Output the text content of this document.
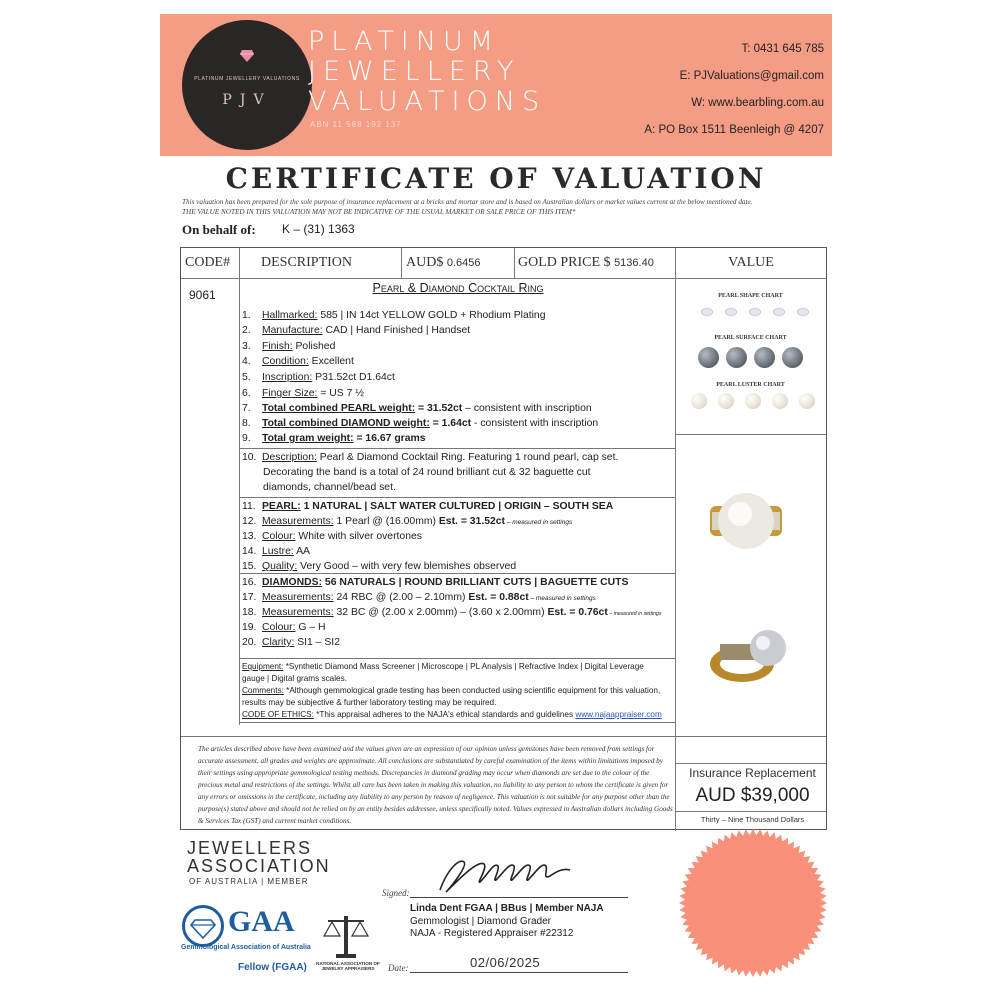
PLATINUM JEWELLERY VALUATIONS
PJV
PLATINUM
JEWELLERY
VALUATIONS
ABN 11 588 192 137
T: 0431 645 785
E: PJValuations@gmail.com
W: www.bearbling.com.au
A: PO Box 1511 Beenleigh @ 4207
CERTIFICATE OF VALUATION
This valuation has been prepared for the sole purpose of insurance replacement at a bricks and mortar store and is based on Australian dollars or market values current at the below mentioned date.
THE VALUE NOTED IN THIS VALUATION MAY NOT BE INDICATIVE OF THE USUAL MARKET OR SALE PRICE OF THIS ITEM*
On behalf of: K – (31) 1363
CODE# DESCRIPTION	AUD$ 0.6456	GOLD PRICE $ 5136.40	VALUE
9061	Pearl & Diamond Cocktail Ring
1. Hallmarked: 585 | IN 14ct YELLOW GOLD + Rhodium Plating
2. Manufacture: CAD | Hand Finished | Handset
3. Finish: Polished
4. Condition: Excellent
5. Inscription: P31.52ct D1.64ct
6. Finger Size: = US 7 ½
7. Total combined PEARL weight: = 31.52ct – consistent with inscription
8. Total combined DIAMOND weight: = 1.64ct - consistent with inscription
9. Total gram weight: = 16.67 grams
10. Description: Pearl & Diamond Cocktail Ring. Featuring 1 round pearl, cap set.
Decorating the band is a total of 24 round brilliant cut & 32 baguette cut
diamonds, channel/bead set.
11. PEARL: 1 NATURAL | SALT WATER CULTURED | ORIGIN – SOUTH SEA
12. Measurements: 1 Pearl @ (16.00mm) Est. = 31.52ct – measured in settings
13. Colour: White with silver overtones
14. Lustre: AA
15. Quality: Very Good – with very few blemishes observed
16. DIAMONDS: 56 NATURALS | ROUND BRILLIANT CUTS | BAGUETTE CUTS
17. Measurements: 24 RBC @ (2.00 – 2.10mm) Est. = 0.88ct – measured in settings
18. Measurements: 32 BC @ (2.00 x 2.00mm) – (3.60 x 2.00mm) Est. = 0.76ct – measured in settings
19. Colour: G – H
20. Clarity: SI1 – SI2
Equipment: *Synthetic Diamond Mass Screener | Microscope | PL Analysis | Refractive Index | Digital Leverage
gauge | Digital grams scales.
Comments: *Although gemmological grade testing has been conducted using scientific equipment for this valuation,
results may be subjective & further laboratory testing may be required.
CODE OF ETHICS: *This appraisal adheres to the NAJA's ethical standards and guidelines www.najaappraiser.com
PEARL SHAPE CHART
PEARL SURFACE CHART
PEARL LUSTER CHART
The articles described above have been examined and the values given are an expression of our opinion unless gemstones have been removed from settings for accurate assessment, all grades and weights are approximate. All conclusions are substantiated by careful examination of the items within limitations imposed by their settings using appropriate gemmological testing methods. Discrepancies in diamond grading may occur when diamonds are set due to the colour of the precious metal and restrictions of the settings. Whilst all care has been taken in making this valuation, no liability to any person to whom the certificate is given for any errors or omissions in the certificate, including any liability to any person by reason of negligence. This valuation is not suitable for any purpose other than the purpose(s) stated above and should not be relied on by an entity besides addressee, unless specifically noted. Values expressed in Australian dollars including Goods & Services Tax (GST) and current market conditions.
Insurance Replacement
AUD $39,000
Thirty – Nine Thousand Dollars
JEWELLERS
ASSOCIATION
OF AUSTRALIA | MEMBER
GAA
Gemmological Association of Australia
Fellow (FGAA)	NATIONAL ASSOCIATION OF JEWELRY APPRAISERS
Signed:
Linda Dent FGAA | BBus | Member NAJA
Gemmologist | Diamond Grader
NAJA - Registered Appraiser #22312
Date:	02/06/2025
